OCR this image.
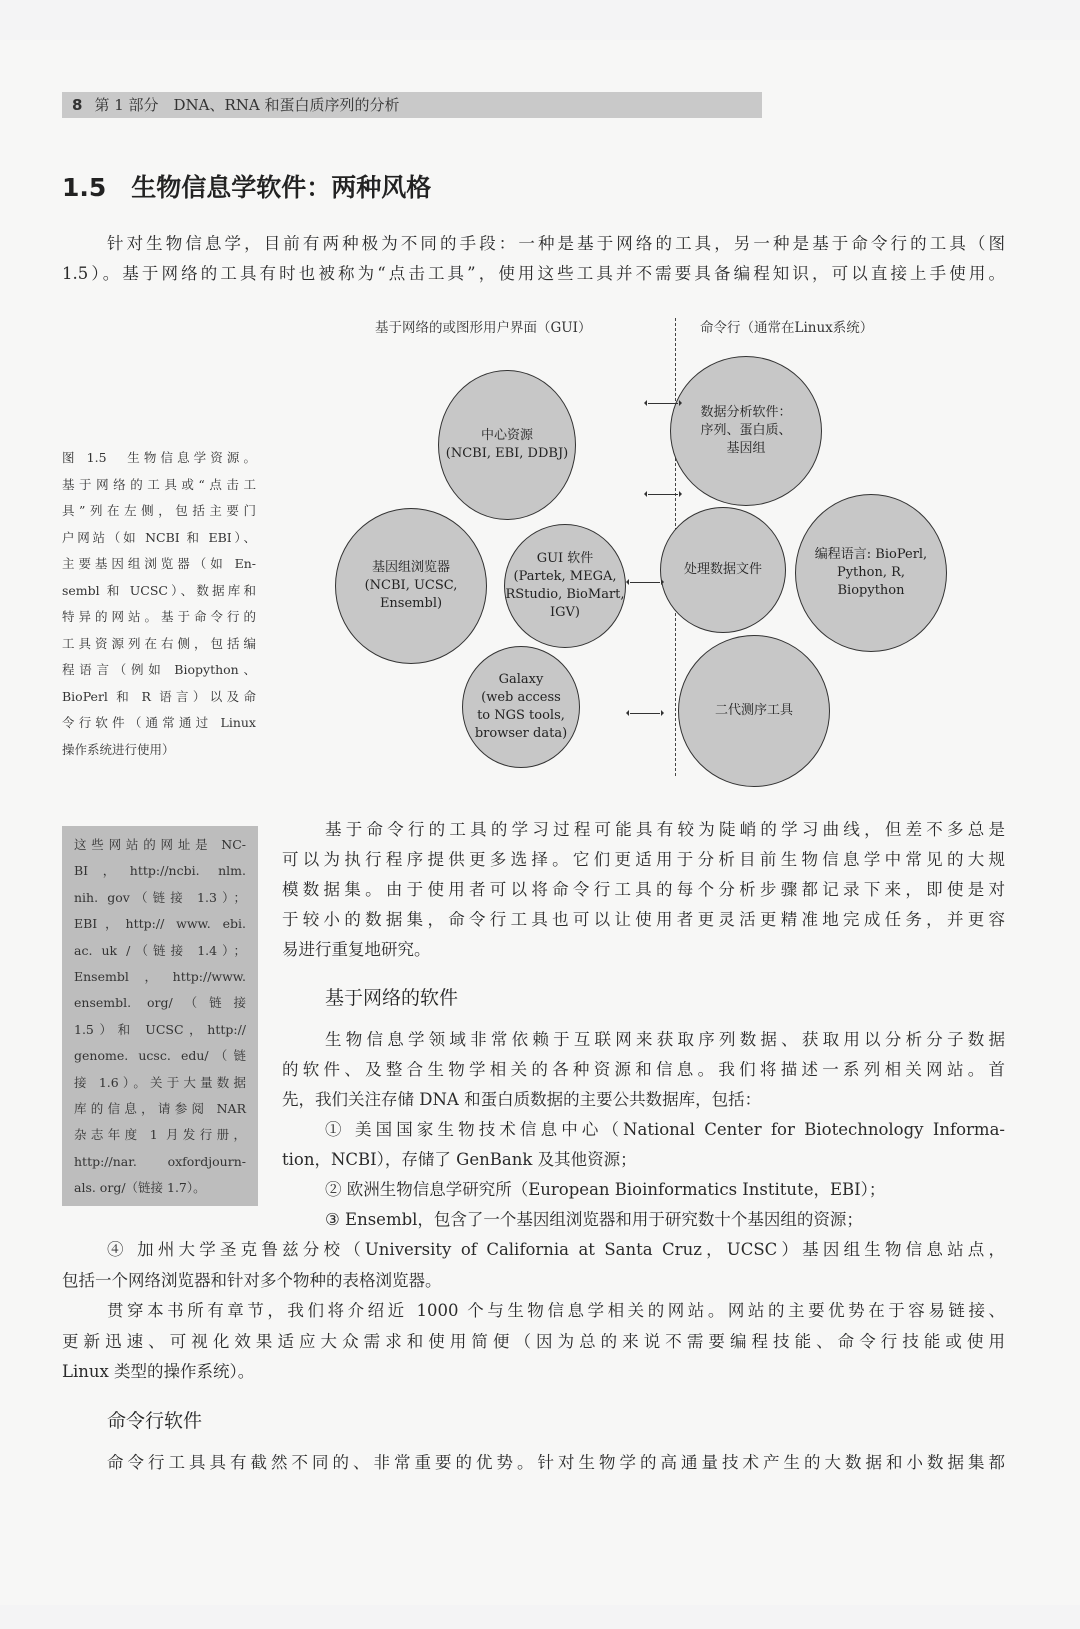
8 第 1 部分　DNA、RNA 和蛋白质序列的分析
1.5　生物信息学软件：两种风格
针对生物信息学，目前有两种极为不同的手段：一种是基于网络的工具，另一种是基于命令行的工具（图
1.5）。基于网络的工具有时也被称为“点击工具”，使用这些工具并不需要具备编程知识，可以直接上手使用。
基于网络的或图形用户界面（GUI）	命令行（通常在Linux系统）
中心资源
(NCBI, EBI, DDBJ)
数据分析软件：
序列、蛋白质、
基因组
基因组浏览器
(NCBI, UCSC,
Ensembl)
GUI 软件
(Partek, MEGA,
RStudio, BioMart,
IGV)
处理数据文件
编程语言: BioPerl,
Python, R,
Biopython
Galaxy
(web access
to NGS tools,
browser data)
二代测序工具
图 1.5　生物信息学资源。
基于网络的工具或“点击工
具”列在左侧，包括主要门
户网站（如 NCBI 和 EBI）、
主要基因组浏览器（如 En-
sembl 和 UCSC）、数据库和
特异的网站。基于命令行的
工具资源列在右侧，包括编
程语言（例如 Biopython、
BioPerl 和 R 语言）以及命
令行软件（通常通过 Linux
操作系统进行使用）
这些网站的网址是 NC-
BI，http://ncbi. nlm.
nih. gov（链接 1.3）；
EBI，http:// www. ebi.
ac. uk /（链接 1.4）；
Ensembl，http://www.
ensembl. org/（链接
1.5）和 UCSC，http://
genome. ucsc. edu/（链
接 1.6）。关于大量数据
库的信息，请参阅 NAR
杂志年度 1 月发行册，
http://nar. oxfordjourn-
als. org/（链接 1.7）。
基于命令行的工具的学习过程可能具有较为陡峭的学习曲线，但差不多总是
可以为执行程序提供更多选择。它们更适用于分析目前生物信息学中常见的大规
模数据集。由于使用者可以将命令行工具的每个分析步骤都记录下来，即使是对
于较小的数据集，命令行工具也可以让使用者更灵活更精准地完成任务，并更容
易进行重复地研究。
基于网络的软件
生物信息学领域非常依赖于互联网来获取序列数据、获取用以分析分子数据
的软件、及整合生物学相关的各种资源和信息。我们将描述一系列相关网站。首
先，我们关注存储 DNA 和蛋白质数据的主要公共数据库，包括：
① 美国国家生物技术信息中心（National Center for Biotechnology Informa-
tion，NCBI），存储了 GenBank 及其他资源；
② 欧洲生物信息学研究所（European Bioinformatics Institute，EBI）；
③ Ensembl，包含了一个基因组浏览器和用于研究数十个基因组的资源；
④ 加州大学圣克鲁兹分校（University of California at Santa Cruz，UCSC）基因组生物信息站点，
包括一个网络浏览器和针对多个物种的表格浏览器。
贯穿本书所有章节，我们将介绍近 1000 个与生物信息学相关的网站。网站的主要优势在于容易链接、
更新迅速、可视化效果适应大众需求和使用简便（因为总的来说不需要编程技能、命令行技能或使用
Linux 类型的操作系统）。
命令行软件
命令行工具具有截然不同的、非常重要的优势。针对生物学的高通量技术产生的大数据和小数据集都
